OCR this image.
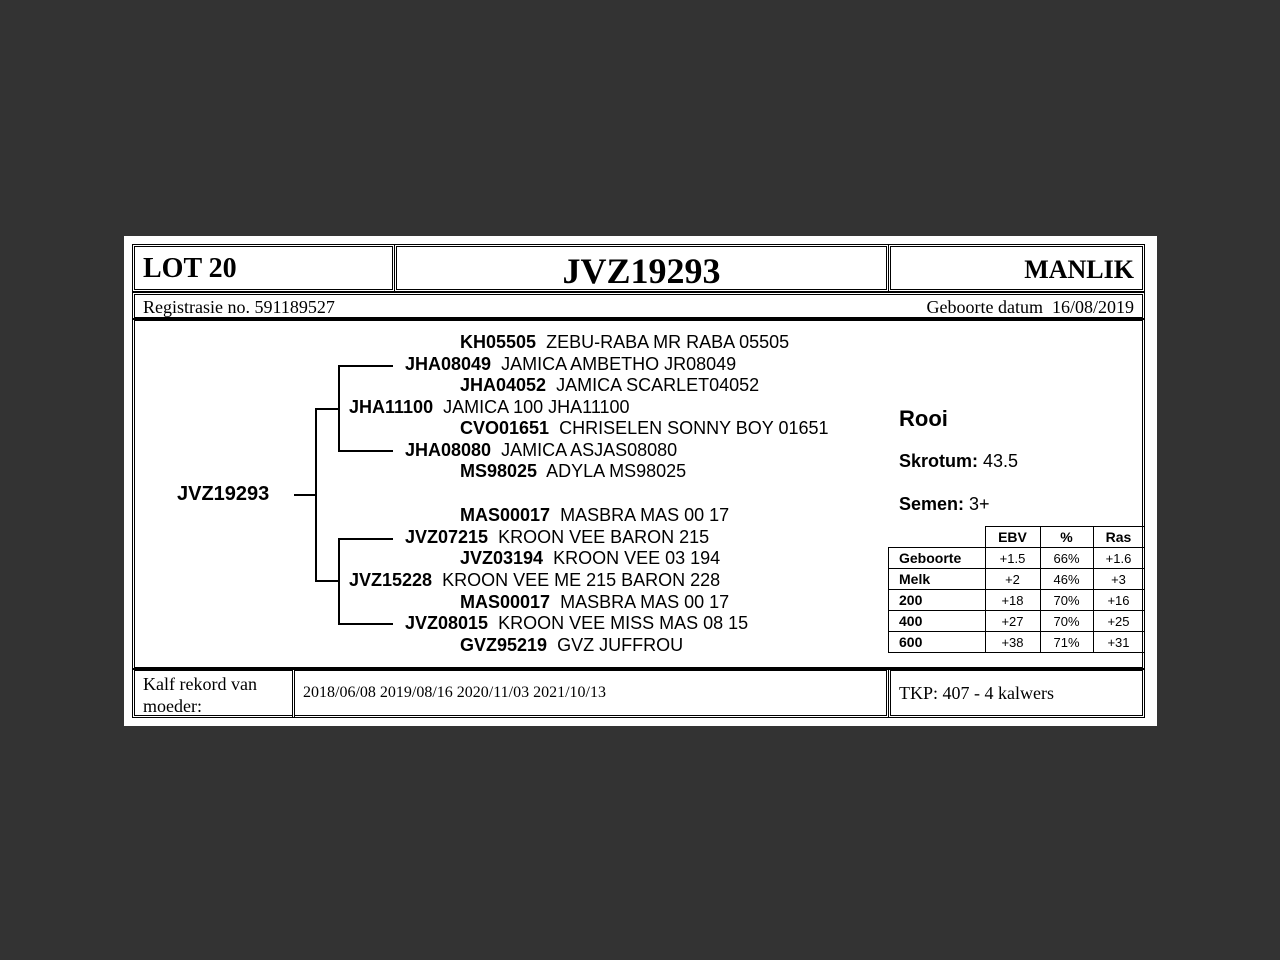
LOT 20	JVZ19293	MANLIK
Registrasie no. 591189527	Geboorte datum 16/08/2019
JVZ19293
KH05505 ZEBU-RABA MR RABA 05505
JHA08049 JAMICA AMBETHO JR08049
JHA04052 JAMICA SCARLET04052
JHA11100 JAMICA 100 JHA11100
CVO01651 CHRISELEN SONNY BOY 01651
JHA08080 JAMICA ASJAS08080
MS98025 ADYLA MS98025
MAS00017 MASBRA MAS 00 17
JVZ07215 KROON VEE BARON 215
JVZ03194 KROON VEE 03 194
JVZ15228 KROON VEE ME 215 BARON 228
MAS00017 MASBRA MAS 00 17
JVZ08015 KROON VEE MISS MAS 08 15
GVZ95219 GVZ JUFFROU
Rooi
Skrotum: 43.5
Semen: 3+
	EBV	%	Ras
Geboorte	+1.5	66%	+1.6
Melk	+2	46%	+3
200	+18	70%	+16
400	+27	70%	+25
600	+38	71%	+31
Kalf rekord van moeder:
2018/06/08 2019/08/16 2020/11/03 2021/10/13	TKP: 407 - 4 kalwers
